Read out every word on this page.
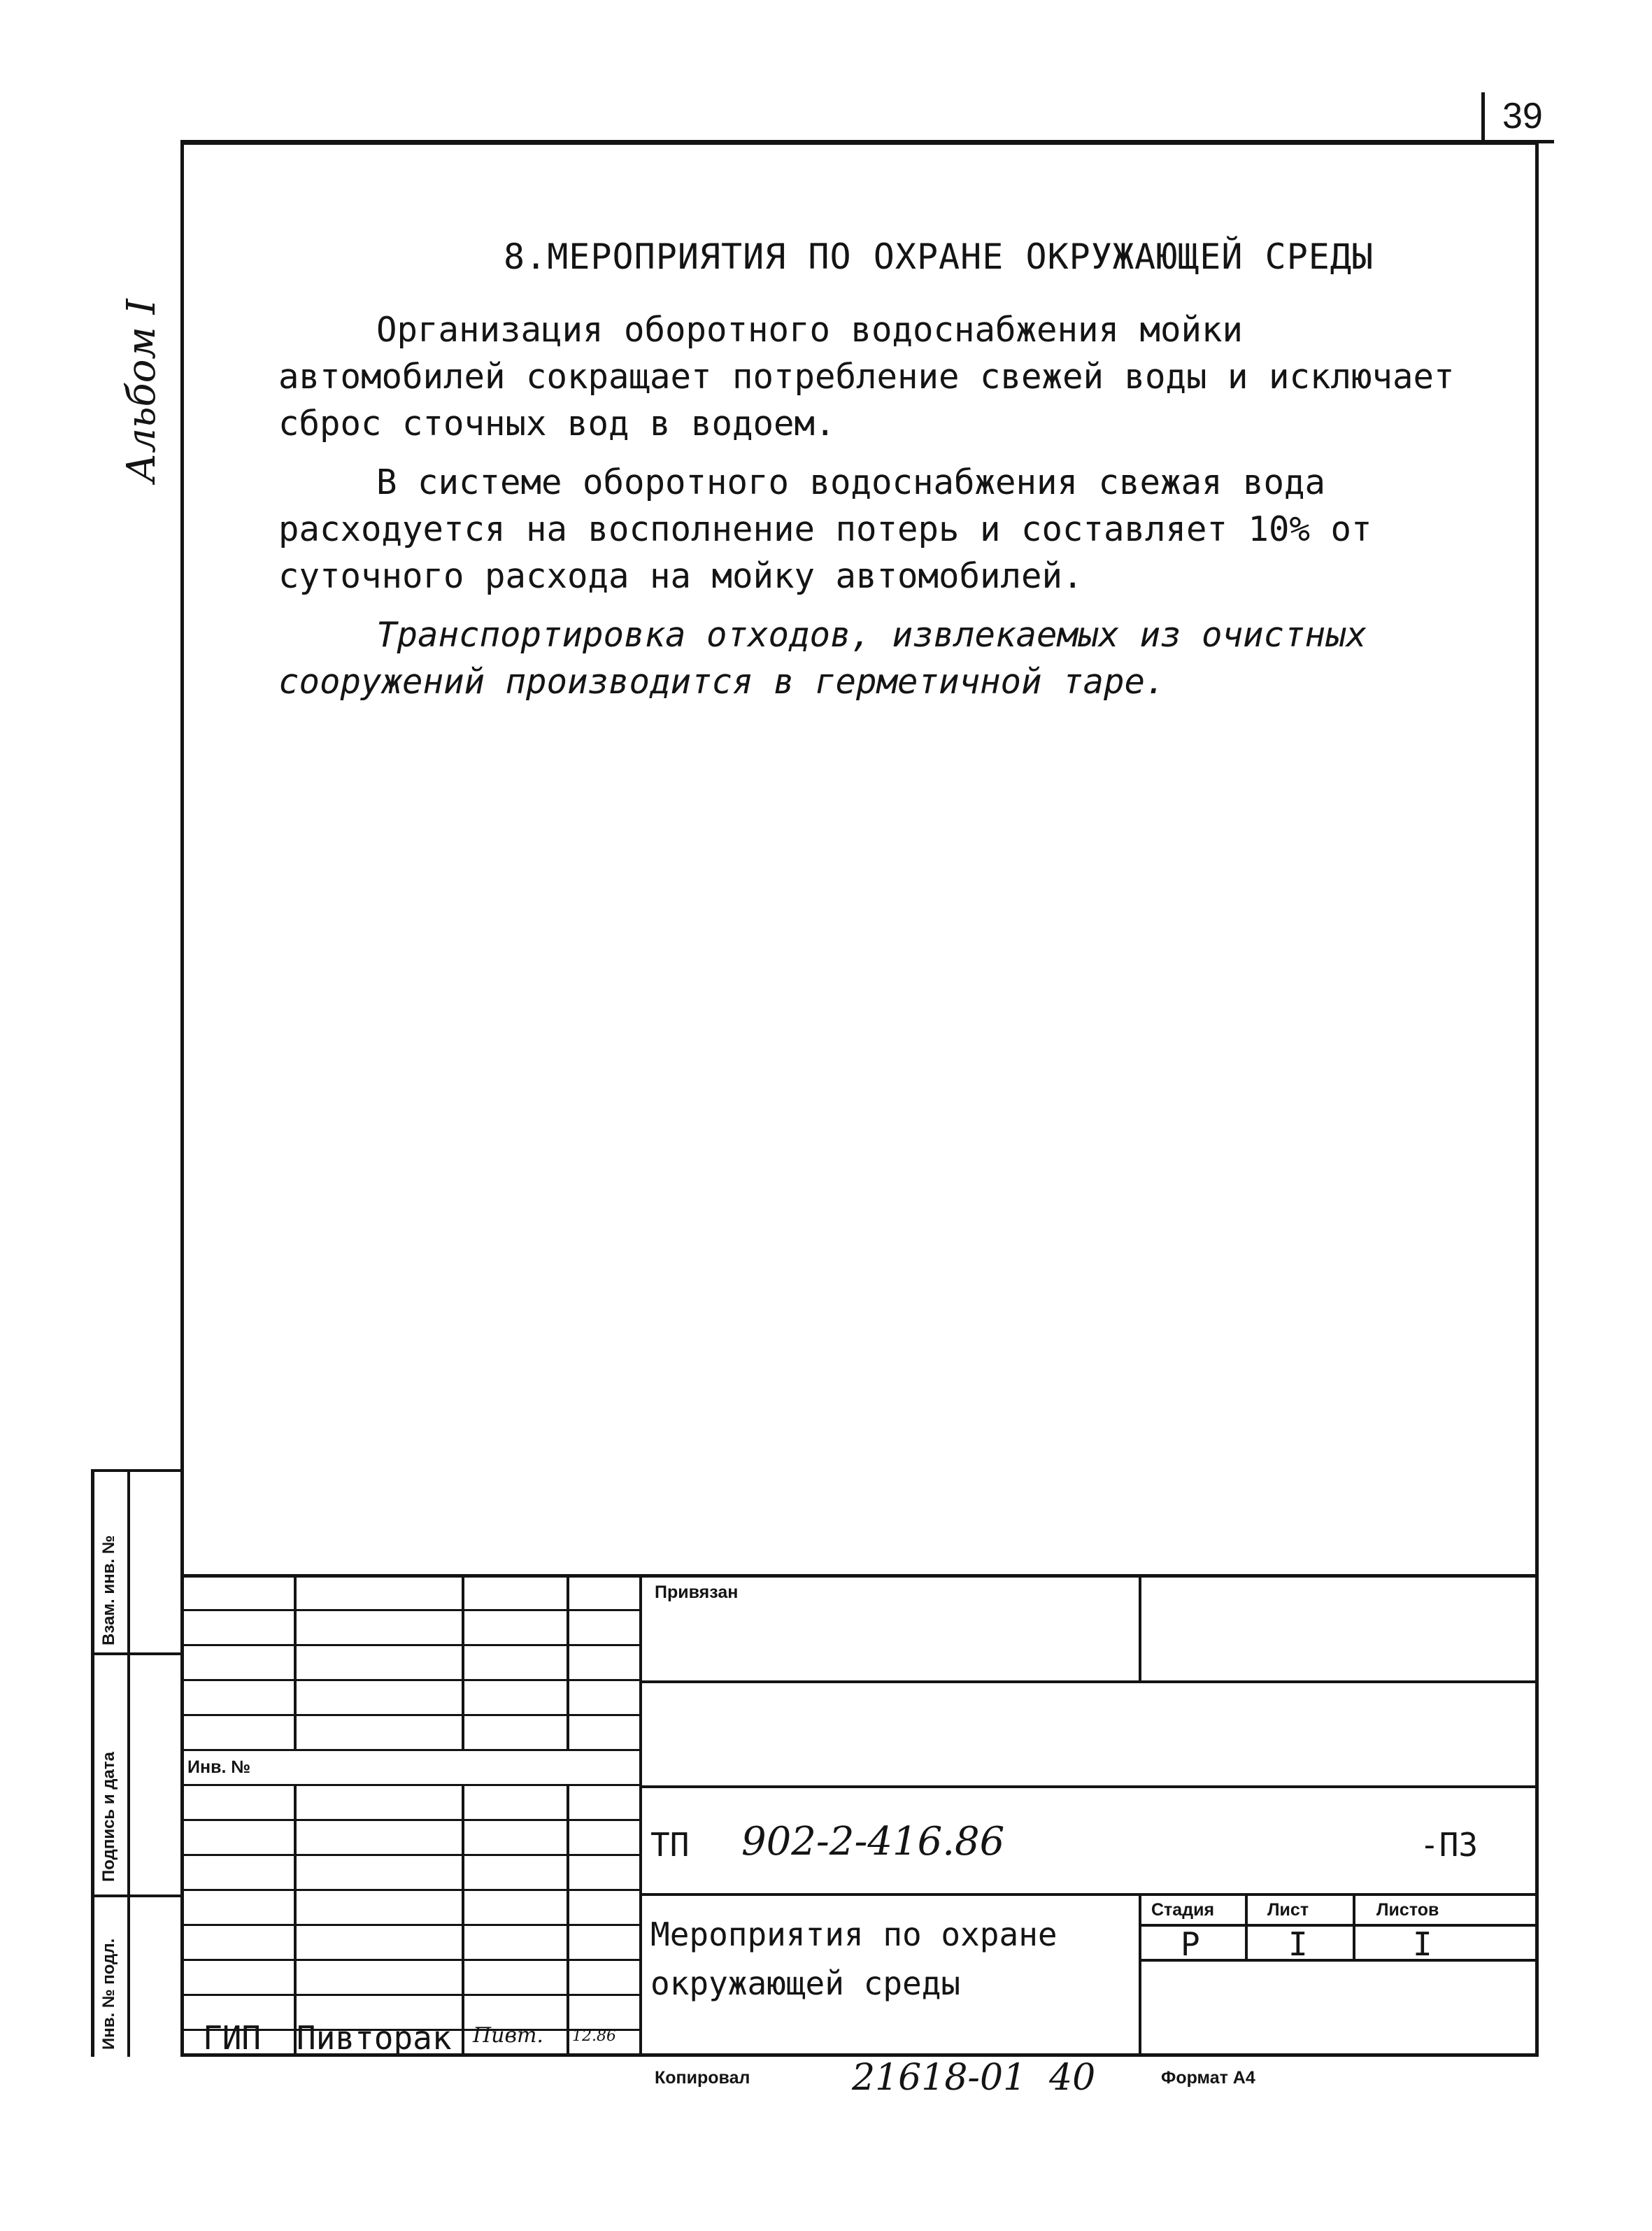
39
Альбом I
8.МЕРОПРИЯТИЯ ПО ОХРАНЕ ОКРУЖАЮЩЕЙ СРЕДЫ

Организация оборотного водоснабжения мойки автомобилей сокращает потребление свежей воды и исключает сброс сточных вод в водоем.

В системе оборотного водоснабжения свежая вода расходуется на восполнение потерь и составляет 10% от суточного расхода на мойку автомобилей.

Транспортировка отходов, извлекаемых из очистных сооружений производится в герметичной таре.

Взам. инв. №
Подпись и дата
Инв. № подл.
Инв. №
Привязан
ТП 902-2-416.86	-ПЗ
Стадия	Лист	Листов
Р	I	I
Мероприятия по охране
окружающей среды
ГИП Пивторак Пивт. 12.86
Копировал	21618-01 40	Формат А4
